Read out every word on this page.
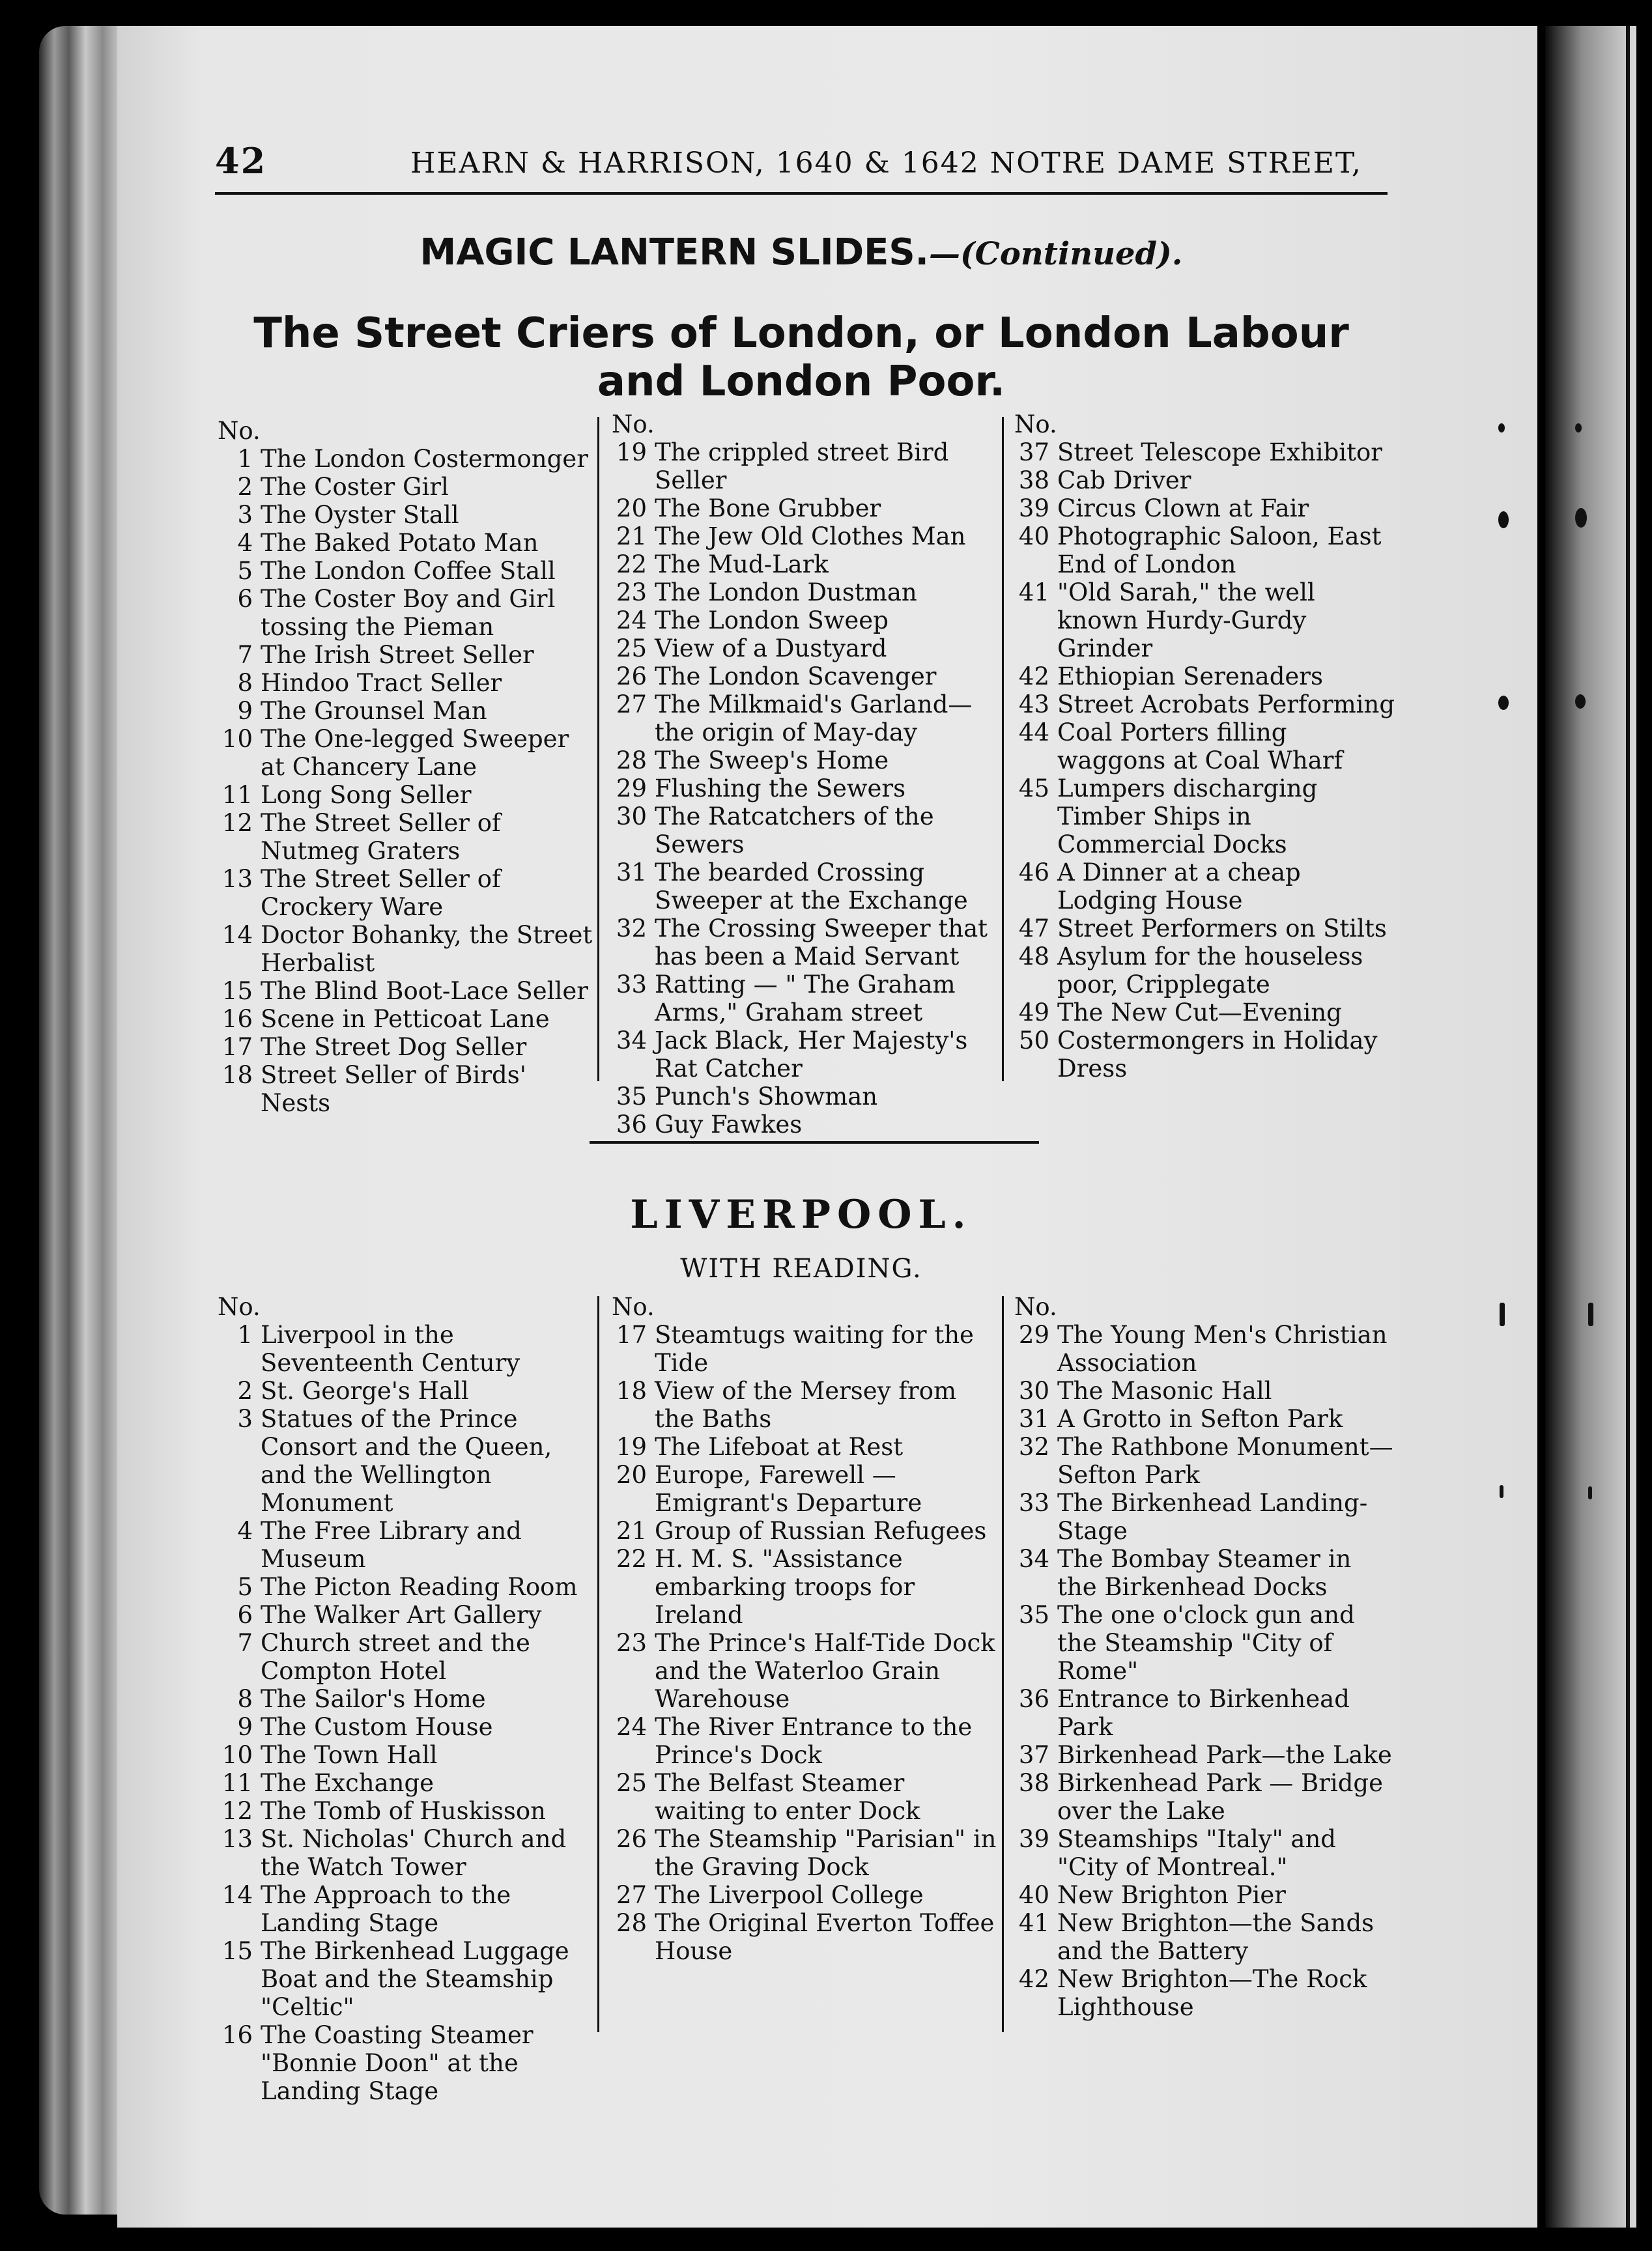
42	HEARN & HARRISON, 1640 & 1642 NOTRE DAME STREET,
MAGIC LANTERN SLIDES.—(Continued).
The Street Criers of London, or London Labour and London Poor.
No.
1 The London Costermonger
2 The Coster Girl
3 The Oyster Stall
4 The Baked Potato Man
5 The London Coffee Stall
6 The Coster Boy and Girl tossing the Pieman
7 The Irish Street Seller
8 Hindoo Tract Seller
9 The Grounsel Man
10 The One-legged Sweeper at Chancery Lane
11 Long Song Seller
12 The Street Seller of Nutmeg Graters
13 The Street Seller of Crockery Ware
14 Doctor Bohanky, the Street Herbalist
15 The Blind Boot-Lace Seller
16 Scene in Petticoat Lane
17 The Street Dog Seller
18 Street Seller of Birds' Nests
No.
19 The crippled street Bird Seller
20 The Bone Grubber
21 The Jew Old Clothes Man
22 The Mud-Lark
23 The London Dustman
24 The London Sweep
25 View of a Dustyard
26 The London Scavenger
27 The Milkmaid's Garland—the origin of May-day
28 The Sweep's Home
29 Flushing the Sewers
30 The Ratcatchers of the Sewers
31 The bearded Crossing Sweeper at the Exchange
32 The Crossing Sweeper that has been a Maid Servant
33 Ratting — " The Graham Arms," Graham street
34 Jack Black, Her Majesty's Rat Catcher
35 Punch's Showman
36 Guy Fawkes
No.
37 Street Telescope Exhibitor
38 Cab Driver
39 Circus Clown at Fair
40 Photographic Saloon, East End of London
41 "Old Sarah," the well known Hurdy-Gurdy Grinder
42 Ethiopian Serenaders
43 Street Acrobats Performing
44 Coal Porters filling waggons at Coal Wharf
45 Lumpers discharging Timber Ships in Commercial Docks
46 A Dinner at a cheap Lodging House
47 Street Performers on Stilts
48 Asylum for the houseless poor, Cripplegate
49 The New Cut—Evening
50 Costermongers in Holiday Dress
LIVERPOOL.
WITH READING.
No.
1 Liverpool in the Seventeenth Century
2 St. George's Hall
3 Statues of the Prince Consort and the Queen, and the Wellington Monument
4 The Free Library and Museum
5 The Picton Reading Room
6 The Walker Art Gallery
7 Church street and the Compton Hotel
8 The Sailor's Home
9 The Custom House
10 The Town Hall
11 The Exchange
12 The Tomb of Huskisson
13 St. Nicholas' Church and the Watch Tower
14 The Approach to the Landing Stage
15 The Birkenhead Luggage Boat and the Steamship "Celtic"
16 The Coasting Steamer "Bonnie Doon" at the Landing Stage
No.
17 Steamtugs waiting for the Tide
18 View of the Mersey from the Baths
19 The Lifeboat at Rest
20 Europe, Farewell —Emigrant's Departure
21 Group of Russian Refugees
22 H. M. S. "Assistance embarking troops for Ireland
23 The Prince's Half-Tide Dock and the Waterloo Grain Warehouse
24 The River Entrance to the Prince's Dock
25 The Belfast Steamer waiting to enter Dock
26 The Steamship "Parisian" in the Graving Dock
27 The Liverpool College
28 The Original Everton Toffee House
No.
29 The Young Men's Christian Association
30 The Masonic Hall
31 A Grotto in Sefton Park
32 The Rathbone Monument—Sefton Park
33 The Birkenhead Landing-Stage
34 The Bombay Steamer in the Birkenhead Docks
35 The one o'clock gun and the Steamship "City of Rome"
36 Entrance to Birkenhead Park
37 Birkenhead Park—the Lake
38 Birkenhead Park — Bridge over the Lake
39 Steamships "Italy" and "City of Montreal."
40 New Brighton Pier
41 New Brighton—the Sands and the Battery
42 New Brighton—The Rock Lighthouse
